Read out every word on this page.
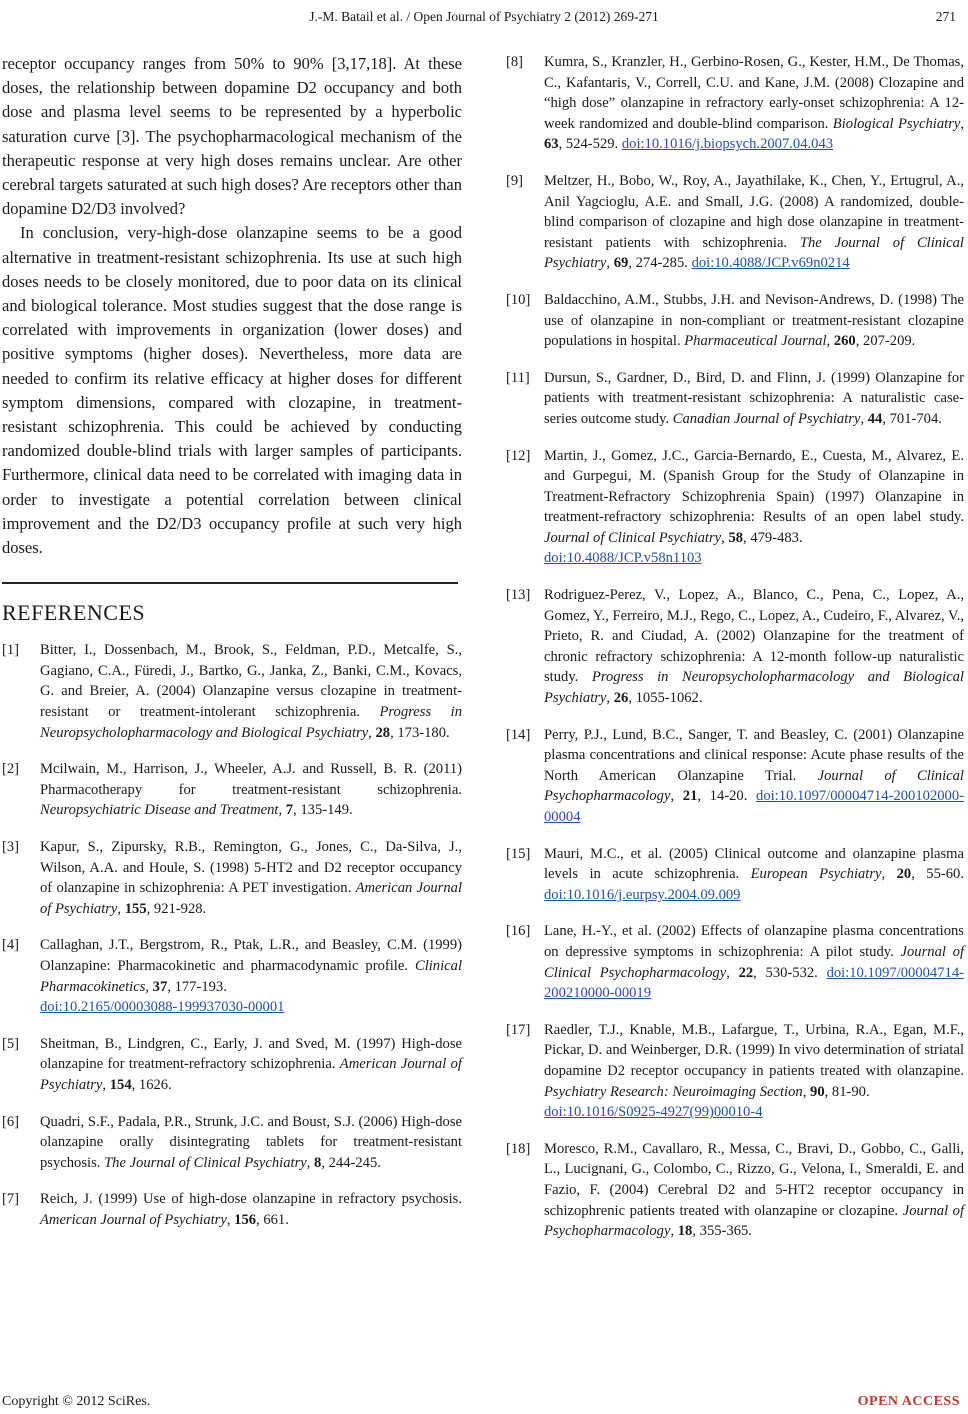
J.-M. Batail et al. / Open Journal of Psychiatry 2 (2012) 269-271	271

receptor occupancy ranges from 50% to 90% [3,17,18]. At these doses, the relationship between dopamine D2 occupancy and both dose and plasma level seems to be represented by a hyperbolic saturation curve [3]. The psychopharmacological mechanism of the therapeutic response at very high doses remains unclear. Are other cerebral targets saturated at such high doses? Are receptors other than dopamine D2/D3 involved?

In conclusion, very-high-dose olanzapine seems to be a good alternative in treatment-resistant schizophrenia. Its use at such high doses needs to be closely monitored, due to poor data on its clinical and biological tolerance. Most studies suggest that the dose range is correlated with improvements in organization (lower doses) and positive symptoms (higher doses). Nevertheless, more data are needed to confirm its relative efficacy at higher doses for different symptom dimensions, compared with clozapine, in treatment-resistant schizophrenia. This could be achieved by conducting randomized double-blind trials with larger samples of participants. Furthermore, clinical data need to be correlated with imaging data in order to investigate a potential correlation between clinical improvement and the D2/D3 occupancy profile at such very high doses.

REFERENCES
[1] Bitter, I., Dossenbach, M., Brook, S., Feldman, P.D., Metcalfe, S., Gagiano, C.A., Füredi, J., Bartko, G., Janka, Z., Banki, C.M., Kovacs, G. and Breier, A. (2004) Olanzapine versus clozapine in treatment-resistant or treatment-intolerant schizophrenia. Progress in Neuropsycholopharmacology and Biological Psychiatry, 28, 173-180.
[2] Mcilwain, M., Harrison, J., Wheeler, A.J. and Russell, B. R. (2011) Pharmacotherapy for treatment-resistant schizophrenia. Neuropsychiatric Disease and Treatment, 7, 135-149.
[3] Kapur, S., Zipursky, R.B., Remington, G., Jones, C., Da-Silva, J., Wilson, A.A. and Houle, S. (1998) 5-HT2 and D2 receptor occupancy of olanzapine in schizophrenia: A PET investigation. American Journal of Psychiatry, 155, 921-928.
[4] Callaghan, J.T., Bergstrom, R., Ptak, L.R., and Beasley, C.M. (1999) Olanzapine: Pharmacokinetic and pharmacodynamic profile. Clinical Pharmacokinetics, 37, 177-193.
doi:10.2165/00003088-199937030-00001
[5] Sheitman, B., Lindgren, C., Early, J. and Sved, M. (1997) High-dose olanzapine for treatment-refractory schizophrenia. American Journal of Psychiatry, 154, 1626.
[6] Quadri, S.F., Padala, P.R., Strunk, J.C. and Boust, S.J. (2006) High-dose olanzapine orally disintegrating tablets for treatment-resistant psychosis. The Journal of Clinical Psychiatry, 8, 244-245.
[7] Reich, J. (1999) Use of high-dose olanzapine in refractory psychosis. American Journal of Psychiatry, 156, 661.
[8] Kumra, S., Kranzler, H., Gerbino-Rosen, G., Kester, H.M., De Thomas, C., Kafantaris, V., Correll, C.U. and Kane, J.M. (2008) Clozapine and “high dose” olanzapine in refractory early-onset schizophrenia: A 12-week randomized and double-blind comparison. Biological Psychiatry, 63, 524-529. doi:10.1016/j.biopsych.2007.04.043
[9] Meltzer, H., Bobo, W., Roy, A., Jayathilake, K., Chen, Y., Ertugrul, A., Anil Yagcioglu, A.E. and Small, J.G. (2008) A randomized, double-blind comparison of clozapine and high dose olanzapine in treatment-resistant patients with schizophrenia. The Journal of Clinical Psychiatry, 69, 274-285. doi:10.4088/JCP.v69n0214
[10] Baldacchino, A.M., Stubbs, J.H. and Nevison-Andrews, D. (1998) The use of olanzapine in non-compliant or treatment-resistant clozapine populations in hospital. Pharmaceutical Journal, 260, 207-209.
[11] Dursun, S., Gardner, D., Bird, D. and Flinn, J. (1999) Olanzapine for patients with treatment-resistant schizophrenia: A naturalistic case-series outcome study. Canadian Journal of Psychiatry, 44, 701-704.
[12] Martin, J., Gomez, J.C., Garcia-Bernardo, E., Cuesta, M., Alvarez, E. and Gurpegui, M. (Spanish Group for the Study of Olanzapine in Treatment-Refractory Schizophrenia Spain) (1997) Olanzapine in treatment-refractory schizophrenia: Results of an open label study. Journal of Clinical Psychiatry, 58, 479-483.
doi:10.4088/JCP.v58n1103
[13] Rodriguez-Perez, V., Lopez, A., Blanco, C., Pena, C., Lopez, A., Gomez, Y., Ferreiro, M.J., Rego, C., Lopez, A., Cudeiro, F., Alvarez, V., Prieto, R. and Ciudad, A. (2002) Olanzapine for the treatment of chronic refractory schizophrenia: A 12-month follow-up naturalistic study. Progress in Neuropsycholopharmacology and Biological Psychiatry, 26, 1055-1062.
[14] Perry, P.J., Lund, B.C., Sanger, T. and Beasley, C. (2001) Olanzapine plasma concentrations and clinical response: Acute phase results of the North American Olanzapine Trial. Journal of Clinical Psychopharmacology, 21, 14-20. doi:10.1097/00004714-200102000-00004
[15] Mauri, M.C., et al. (2005) Clinical outcome and olanzapine plasma levels in acute schizophrenia. European Psychiatry, 20, 55-60. doi:10.1016/j.eurpsy.2004.09.009
[16] Lane, H.-Y., et al. (2002) Effects of olanzapine plasma concentrations on depressive symptoms in schizophrenia: A pilot study. Journal of Clinical Psychopharmacology, 22, 530-532. doi:10.1097/00004714-200210000-00019
[17] Raedler, T.J., Knable, M.B., Lafargue, T., Urbina, R.A., Egan, M.F., Pickar, D. and Weinberger, D.R. (1999) In vivo determination of striatal dopamine D2 receptor occupancy in patients treated with olanzapine. Psychiatry Research: Neuroimaging Section, 90, 81-90.
doi:10.1016/S0925-4927(99)00010-4
[18] Moresco, R.M., Cavallaro, R., Messa, C., Bravi, D., Gobbo, C., Galli, L., Lucignani, G., Colombo, C., Rizzo, G., Velona, I., Smeraldi, E. and Fazio, F. (2004) Cerebral D2 and 5-HT2 receptor occupancy in schizophrenic patients treated with olanzapine or clozapine. Journal of Psychopharmacology, 18, 355-365.
Copyright © 2012 SciRes.	OPEN ACCESS
